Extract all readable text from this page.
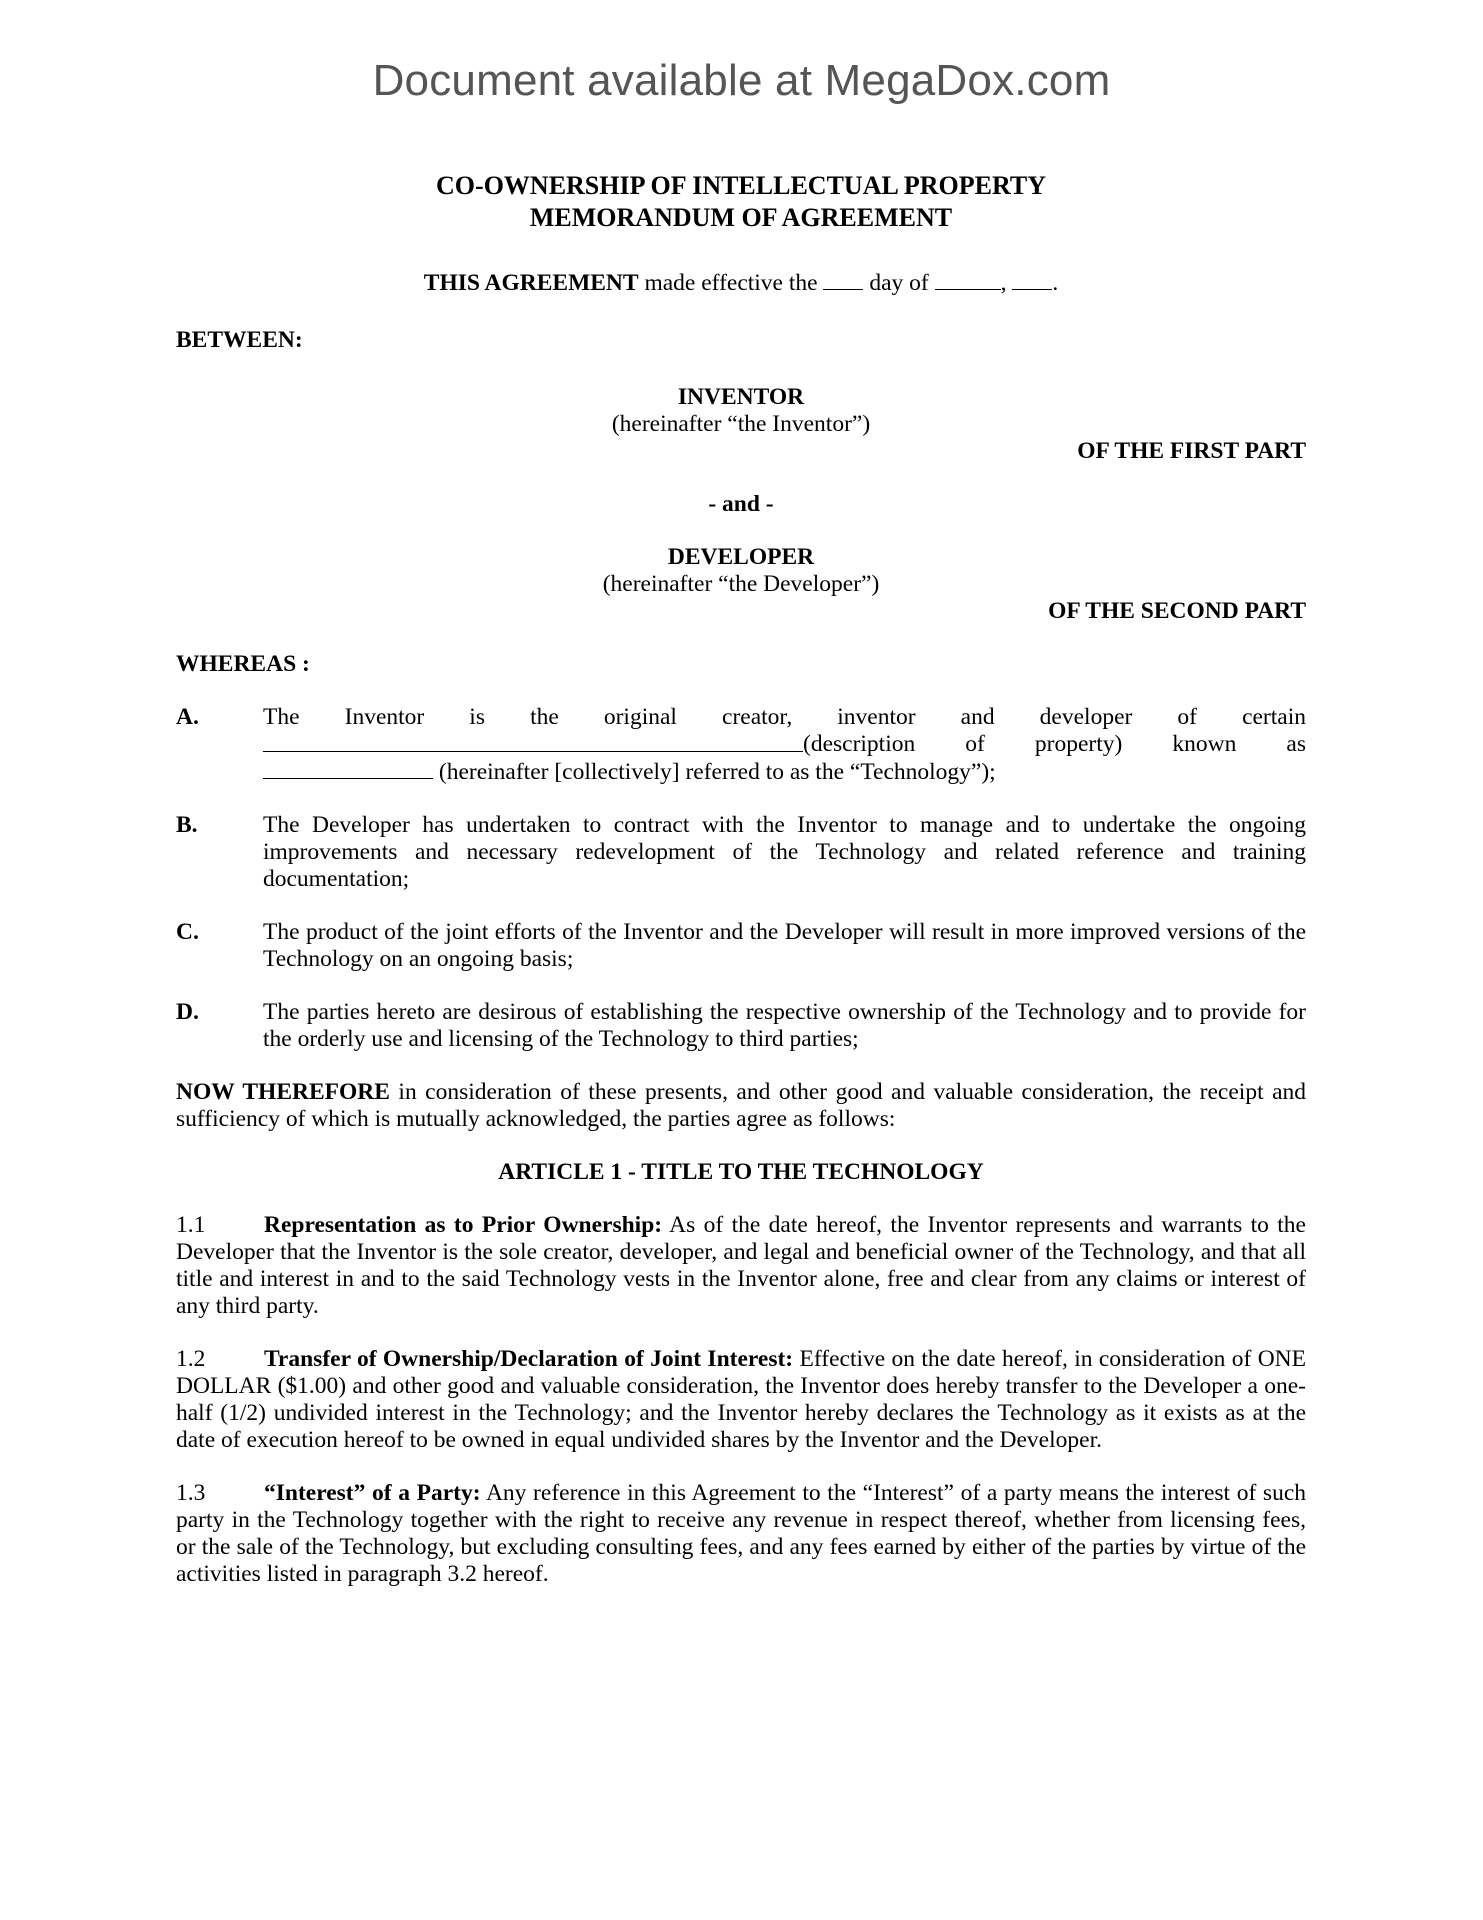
Document available at MegaDox.com
CO-OWNERSHIP OF INTELLECTUAL PROPERTY
MEMORANDUM OF AGREEMENT
THIS AGREEMENT made effective the  day of	, .
BETWEEN:
INVENTOR
(hereinafter “the Inventor”)
OF THE FIRST PART
- and -
DEVELOPER
(hereinafter “the Developer”)
OF THE SECOND PART
WHEREAS :
A.	The Inventor is the original creator, inventor and developer of certain
(description of property) known as
(hereinafter [collectively] referred to as the “Technology”);
B.	The Developer has undertaken to contract with the Inventor to manage and to undertake the ongoing improvements and necessary redevelopment of the Technology and related reference and training documentation;
C.	The product of the joint efforts of the Inventor and the Developer will result in more improved versions of the Technology on an ongoing basis;
D.	The parties hereto are desirous of establishing the respective ownership of the Technology and to provide for the orderly use and licensing of the Technology to third parties;
NOW THEREFORE in consideration of these presents, and other good and valuable consideration, the receipt and sufficiency of which is mutually acknowledged, the parties agree as follows:
ARTICLE 1 - TITLE TO THE TECHNOLOGY
1.1 Representation as to Prior Ownership: As of the date hereof, the Inventor represents and warrants to the Developer that the Inventor is the sole creator, developer, and legal and beneficial owner of the Technology, and that all title and interest in and to the said Technology vests in the Inventor alone, free and clear from any claims or interest of any third party.
1.2 Transfer of Ownership/Declaration of Joint Interest: Effective on the date hereof, in consideration of ONE DOLLAR ($1.00) and other good and valuable consideration, the Inventor does hereby transfer to the Developer a one-half (1/2) undivided interest in the Technology; and the Inventor hereby declares the Technology as it exists as at the date of execution hereof to be owned in equal undivided shares by the Inventor and the Developer.
1.3 “Interest” of a Party: Any reference in this Agreement to the “Interest” of a party means the interest of such party in the Technology together with the right to receive any revenue in respect thereof, whether from licensing fees, or the sale of the Technology, but excluding consulting fees, and any fees earned by either of the parties by virtue of the activities listed in paragraph 3.2 hereof.
